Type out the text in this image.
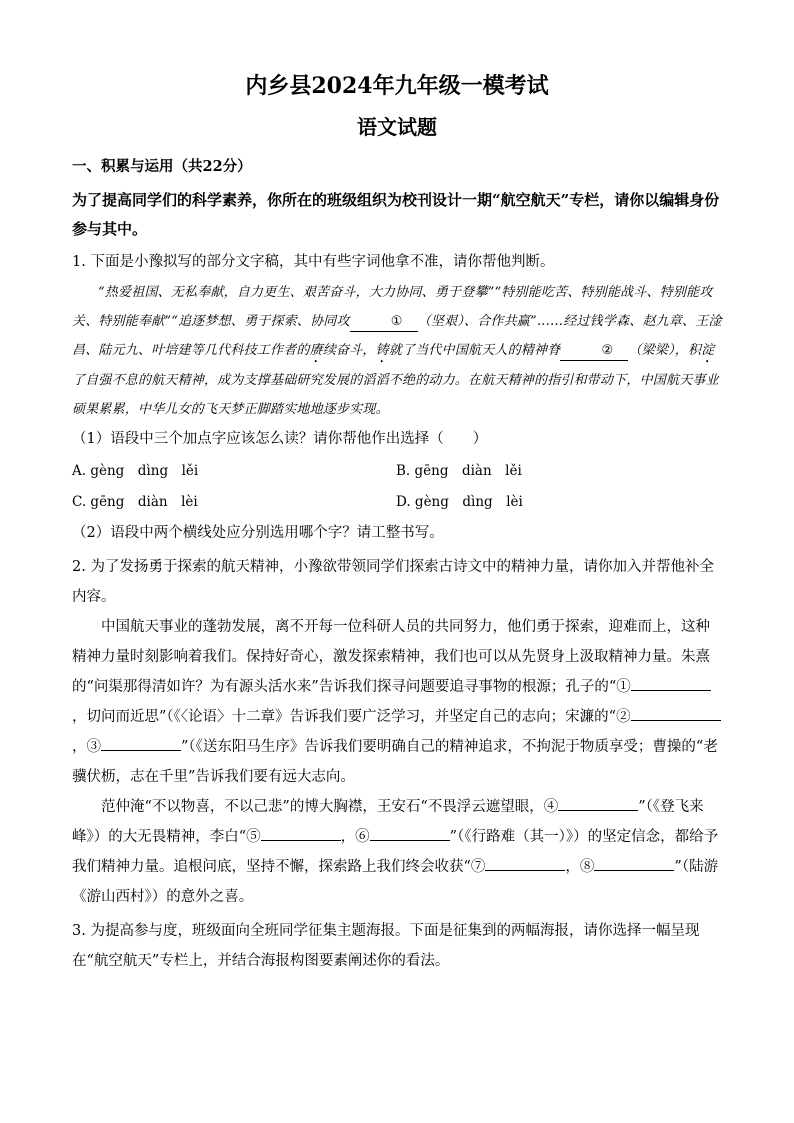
内乡县2024年九年级一模考试
语文试题
一、积累与运用（共22分）
为了提高同学们的科学素养，你所在的班级组织为校刊设计一期“航空航天”专栏，请你以编辑身份参与其中。
1. 下面是小豫拟写的部分文字稿，其中有些字词他拿不准，请你帮他判断。
“热爱祖国、无私奉献，自力更生、艰苦奋斗，大力协同、勇于登攀”“特别能吃苦、特别能战斗、特别能攻关、特别能奉献”“追逐梦想、勇于探索、协同攻	① （坚艰）、合作共赢”……经过钱学森、赵九章、王淦昌、陆元九、叶培建等几代科技工作者的赓续奋斗，铸就了当代中国航天人的精神脊	② （梁梁），积淀了自强不息的航天精神，成为支撑基础研究发展的滔滔不绝的动力。在航天精神的指引和带动下，中国航天事业硕果累累，中华儿女的飞天梦正脚踏实地地逐步实现。
（1）语段中三个加点字应该怎么读？请你帮他作出选择（　　）
A. gèng　dìng　lěi	B. gēng　diàn　lěi
C. gēng　diàn　lèi	D. gèng　dìng　lèi
（2）语段中两个横线处应分别选用哪个字？请工整书写。
2. 为了发扬勇于探索的航天精神，小豫欲带领同学们探索古诗文中的精神力量，请你加入并帮他补全内容。
中国航天事业的蓬勃发展，离不开每一位科研人员的共同努力，他们勇于探索，迎难而上，这种精神力量时刻影响着我们。保持好奇心，激发探索精神，我们也可以从先贤身上汲取精神力量。朱熹的“问渠那得清如许？为有源头活水来”告诉我们探寻问题要追寻事物的根源；孔子的“①，切问而近思”（《〈论语〉十二章》告诉我们要广泛学习，并坚定自己的志向；宋濂的“②，③	”（《送东阳马生序》告诉我们要明确自己的精神追求，不拘泥于物质享受；曹操的“老骥伏枥，志在千里”告诉我们要有远大志向。
范仲淹“不以物喜，不以己悲”的博大胸襟，王安石“不畏浮云遮望眼，④	”（《登飞来峰》）的大无畏精神，李白“⑤	，⑥	”（《行路难（其一）》）的坚定信念，都给予我们精神力量。追根问底，坚持不懈，探索路上我们终会收获“⑦	，⑧	”（陆游《游山西村》）的意外之喜。
3. 为提高参与度，班级面向全班同学征集主题海报。下面是征集到的两幅海报，请你选择一幅呈现在“航空航天”专栏上，并结合海报构图要素阐述你的看法。
